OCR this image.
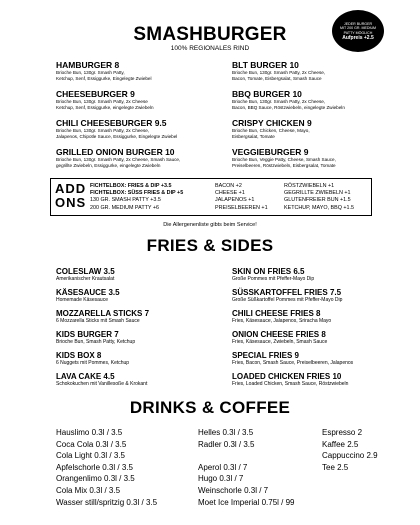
SMASHBURGER
100% REGIONALES RIND
JEDER BURGER
MIT 200 GR. MEDIUM
PATTY MÖGLICH
Aufpreis +2.5
HAMBURGER 8
Brioche Bun, 130gr. Smash Patty,
Ketchup, Senf, Essiggurke, Eingelegte Zwiebel
CHEESEBURGER 9
Brioche Bun, 130gr. Smash Patty, 2x Cheese
Ketchup, Senf, Essiggurke, eingelegte Zwiebeln
CHILI CHEESEBURGER 9.5
Brioche Bun, 130gr. Smash Patty, 2x Cheese,
Jalapenos, Chipotle Sauce, Essiggurke, Eingelegte Zwiebel
GRILLED ONION BURGER 10
Brioche Bun, 130gr. Smash Patty, 2x Cheese, Smash Sauce,
gegrillte Zwiebeln, Essiggurke, eingelegte Zwiebeln
BLT BURGER 10
Brioche Bun, 130gr. Smash Patty, 2x Cheese,
Bacon, Tomate, Eisbergsalat, Smash Sauce
BBQ BURGER 10
Brioche Bun, 130gr. Smash Patty, 2x Cheese,
Bacon, BBQ Sauce, Röstzwiebeln, eingelegte Zwiebeln
CRISPY CHICKEN 9
Brioche Bun, Chicken, Cheese, Mayo,
Eisbergsalat, Tomate
VEGGIEBURGER 9
Brioche Bun, Veggie Patty, Cheese, Smash Sauce,
Preiselbeeren, Röstzwiebeln, Eisbergsalat, Tomate
ADD
ONS
FICHTELBOX: FRIES & DIP +3.5
FICHTELBOX: SÜSS FRIES & DIP +5
130 GR. SMASH PATTY +3.5
200 GR. MEDIUM PATTY +6
BACON +2
CHEESE +1
JALAPENOS +1
PREISELBEEREN +1
RÖSTZWIEBELN +1
GEGRILLTE ZWIEBELN +1
GLUTENFREIER BUN +1.5
KETCHUP, MAYO, BBQ +1.5
Die Allergenenliste gibts beim Service!
FRIES & SIDES
COLESLAW 3.5
Amerikanischer Krautsalat
KÄSESAUCE 3.5
Homemade Käsesauce
MOZZARELLA STICKS 7
6 Mozzarella Sticks mit Smash Sauce
KIDS BURGER 7
Brioche Bun, Smash Patty, Ketchup
KIDS BOX 8
6 Nuggets mit Pommes, Ketchup
LAVA CAKE 4.5
Schokokuchen mit Vanillesoße & Krokant
SKIN ON FRIES 6.5
Große Pommes mit Pfeffer-Mayo Dip
SÜSSKARTOFFEL FRIES 7.5
Große Süßkartoffel Pommes mit Pfeffer-Mayo Dip
CHILI CHEESE FRIES 8
Fries, Käsesauce, Jalapenos, Sriracha Mayo
ONION CHEESE FRIES 8
Fries, Käsesauce, Zwiebeln, Smash Sauce
SPECIAL FRIES 9
Fries, Bacon, Smash Sauce, Preiselbeeren, Jalapenos
LOADED CHICKEN FRIES 10
Fries, Loaded Chicken, Smash Sauce, Röstzwiebeln
DRINKS & COFFEE
Hauslimo 0.3l / 3.5
Coca Cola 0.3l / 3.5
Cola Light 0.3l / 3.5
Apfelschorle 0.3l / 3.5
Orangenlimo 0.3l / 3.5
Cola Mix 0.3l / 3.5
Wasser still/spritzig 0.3l / 3.5
Helles 0.3l / 3.5
Radler 0.3l / 3.5
Aperol 0.3l / 7
Hugo 0.3l / 7
Weinschorle 0.3l / 7
Moet Ice Imperial 0.75l / 99
Espresso 2
Kaffee 2.5
Cappuccino 2.9
Tee 2.5
